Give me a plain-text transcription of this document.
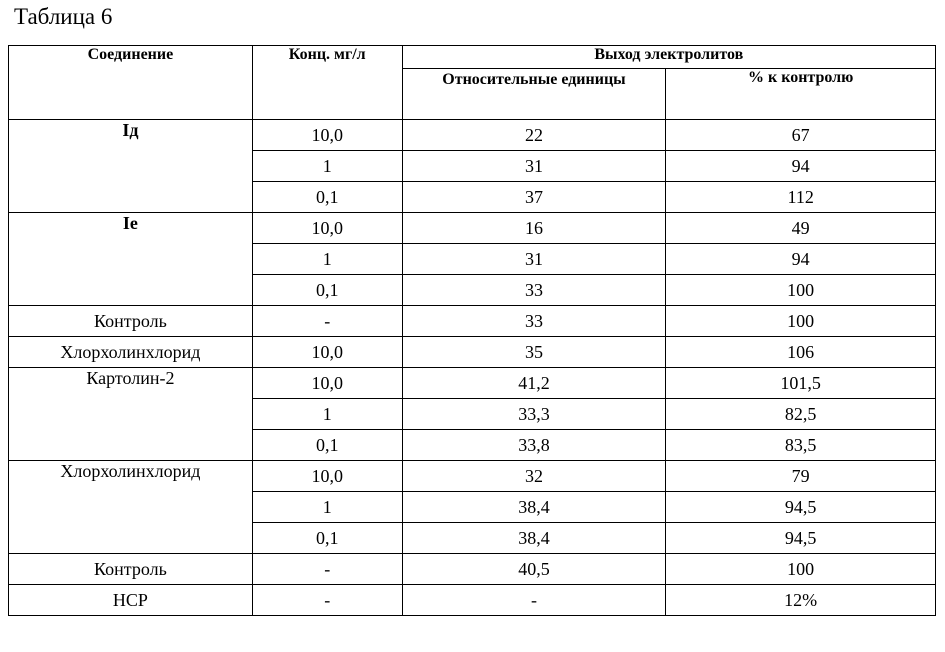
Таблица 6
Соединение	Конц. мг/л	Выход электролитов	

		Относительные единицы	% к контролю
Iд	10,0	22	67
	1	31	94
	0,1	37	112
Ie	10,0	16	49
	1	31	94
	0,1	33	100
Контроль	-	33	100
Хлорхолинхлорид	10,0	35	106
Картолин-2	10,0	41,2	101,5
	1	33,3	82,5
	0,1	33,8	83,5
Хлорхолинхлорид	10,0	32	79
	1	38,4	94,5
	0,1	38,4	94,5
Контроль	-	40,5	100
HCP	-	-	12%
